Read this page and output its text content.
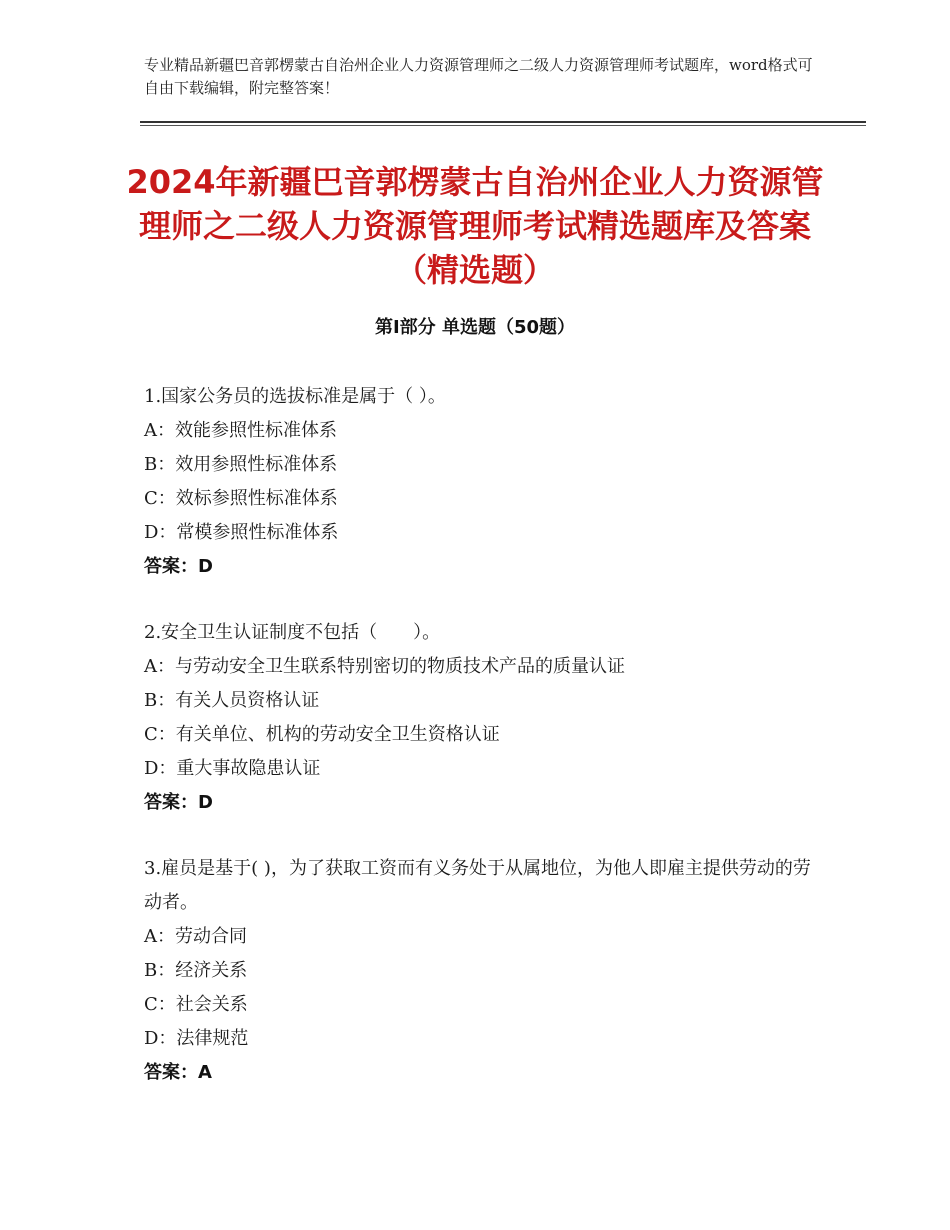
专业精品新疆巴音郭楞蒙古自治州企业人力资源管理师之二级人力资源管理师考试题库，word格式可自由下载编辑，附完整答案！
2024年新疆巴音郭楞蒙古自治州企业人力资源管理师之二级人力资源管理师考试精选题库及答案（精选题）
第Ⅰ部分 单选题（50题）
1.国家公务员的选拔标准是属于（ ）。
A：效能参照性标准体系
B：效用参照性标准体系
C：效标参照性标准体系
D：常模参照性标准体系
答案：D
2.安全卫生认证制度不包括（　　）。
A：与劳动安全卫生联系特别密切的物质技术产品的质量认证
B：有关人员资格认证
C：有关单位、机构的劳动安全卫生资格认证
D：重大事故隐患认证
答案：D
3.雇员是基于( )，为了获取工资而有义务处于从属地位，为他人即雇主提供劳动的劳动者。
A：劳动合同
B：经济关系
C：社会关系
D：法律规范
答案：A
